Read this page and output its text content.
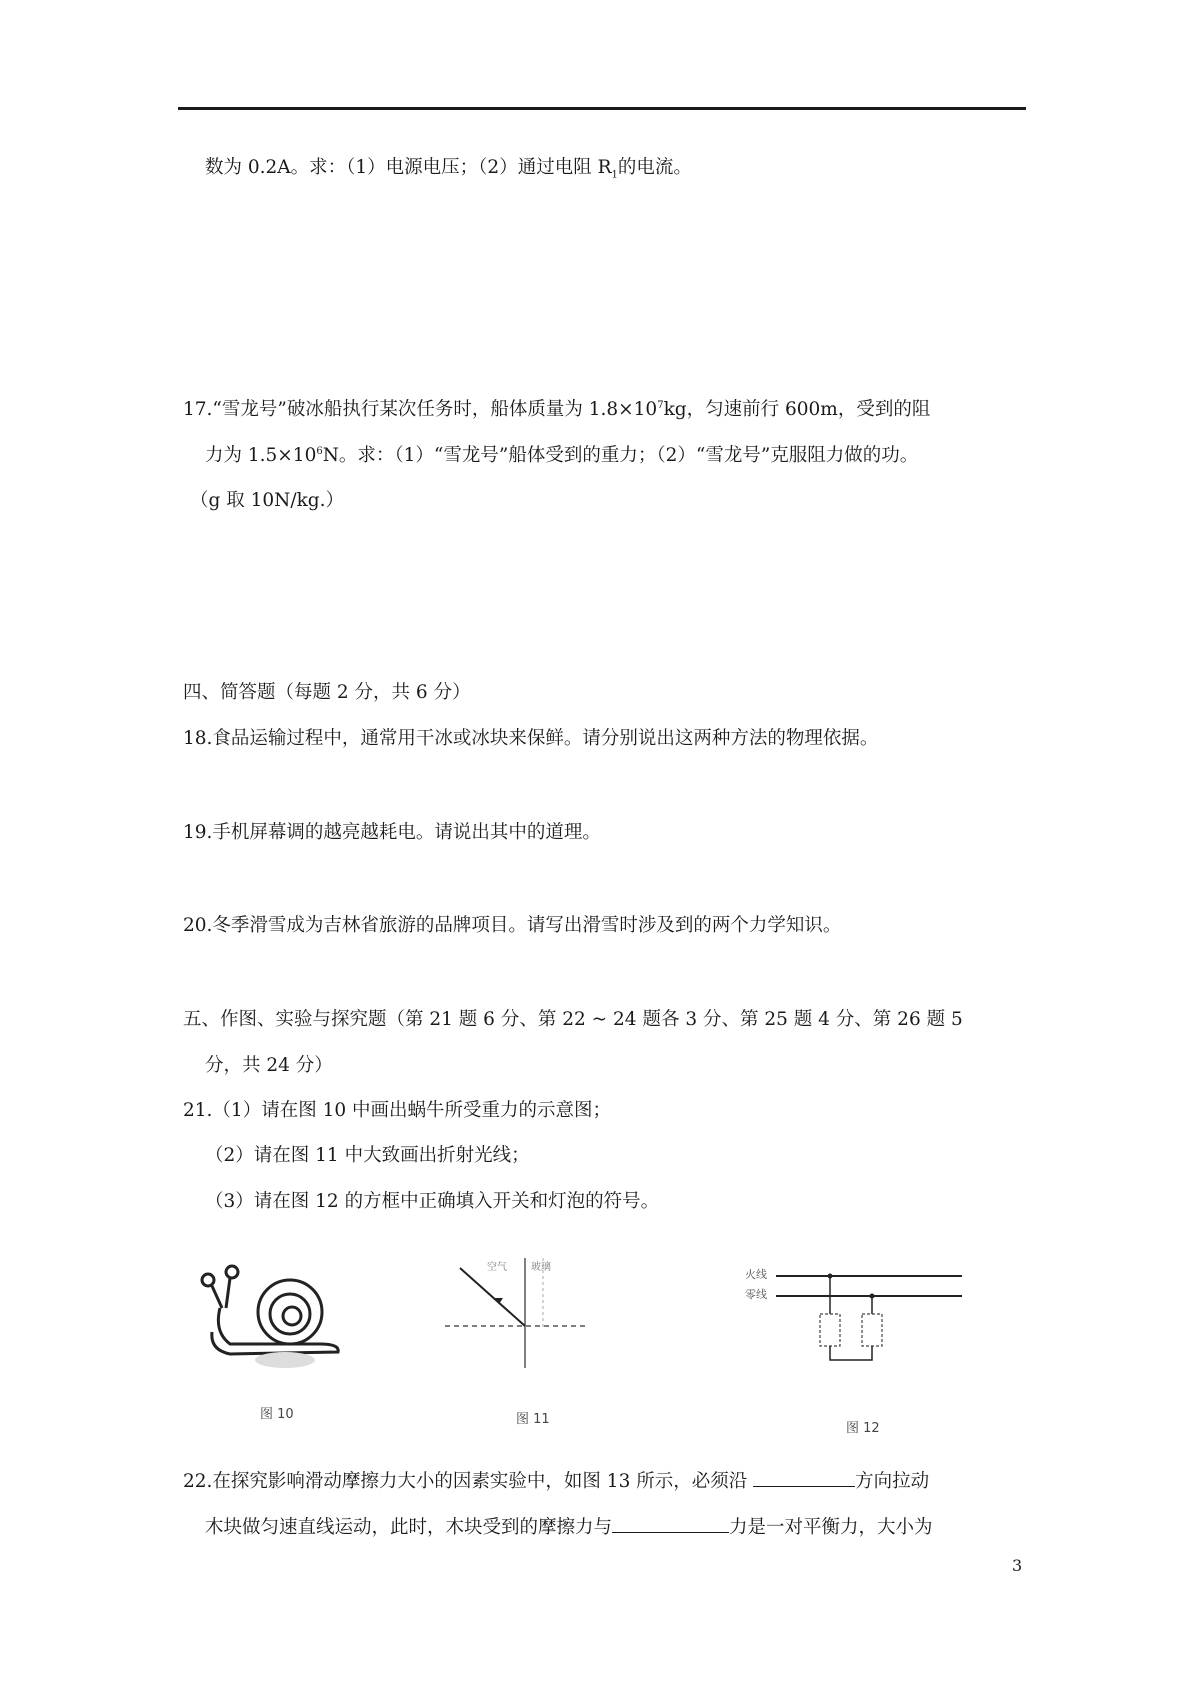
数为 0.2A。求：（1）电源电压；（2）通过电阻 $R_1$的电流。
17.“雪龙号”破冰船执行某次任务时，船体质量为 $1.8\times 10^7kg$，匀速前行 600m，受到的阻
力为 $1.5\times 10^6N$。求：（1）“雪龙号”船体受到的重力；（2）“雪龙号”克服阻力做的功。
（g 取 10N/kg.）
四、简答题（每题 2 分，共 6 分）
18.食品运输过程中，通常用干冰或冰块来保鲜。请分别说出这两种方法的物理依据。
19.手机屏幕调的越亮越耗电。请说出其中的道理。
20.冬季滑雪成为吉林省旅游的品牌项目。请写出滑雪时涉及到的两个力学知识。
五、作图、实验与探究题（第 21 题 6 分、第 22 ~ 24 题各 3 分、第 25 题 4 分、第 26 题 5
分，共 24 分）
21.（1）请在图 10 中画出蜗牛所受重力的示意图；
（2）请在图 11 中大致画出折射光线；
（3）请在图 12 的方框中正确填入开关和灯泡的符号。
图 10
空气 玻璃
图 11
火线
零线
图 12
22.在探究影响滑动摩擦力大小的因素实验中，如图 13 所示，必须沿	方向拉动
木块做匀速直线运动，此时，木块受到的摩擦力与	力是一对平衡力，大小为
3
